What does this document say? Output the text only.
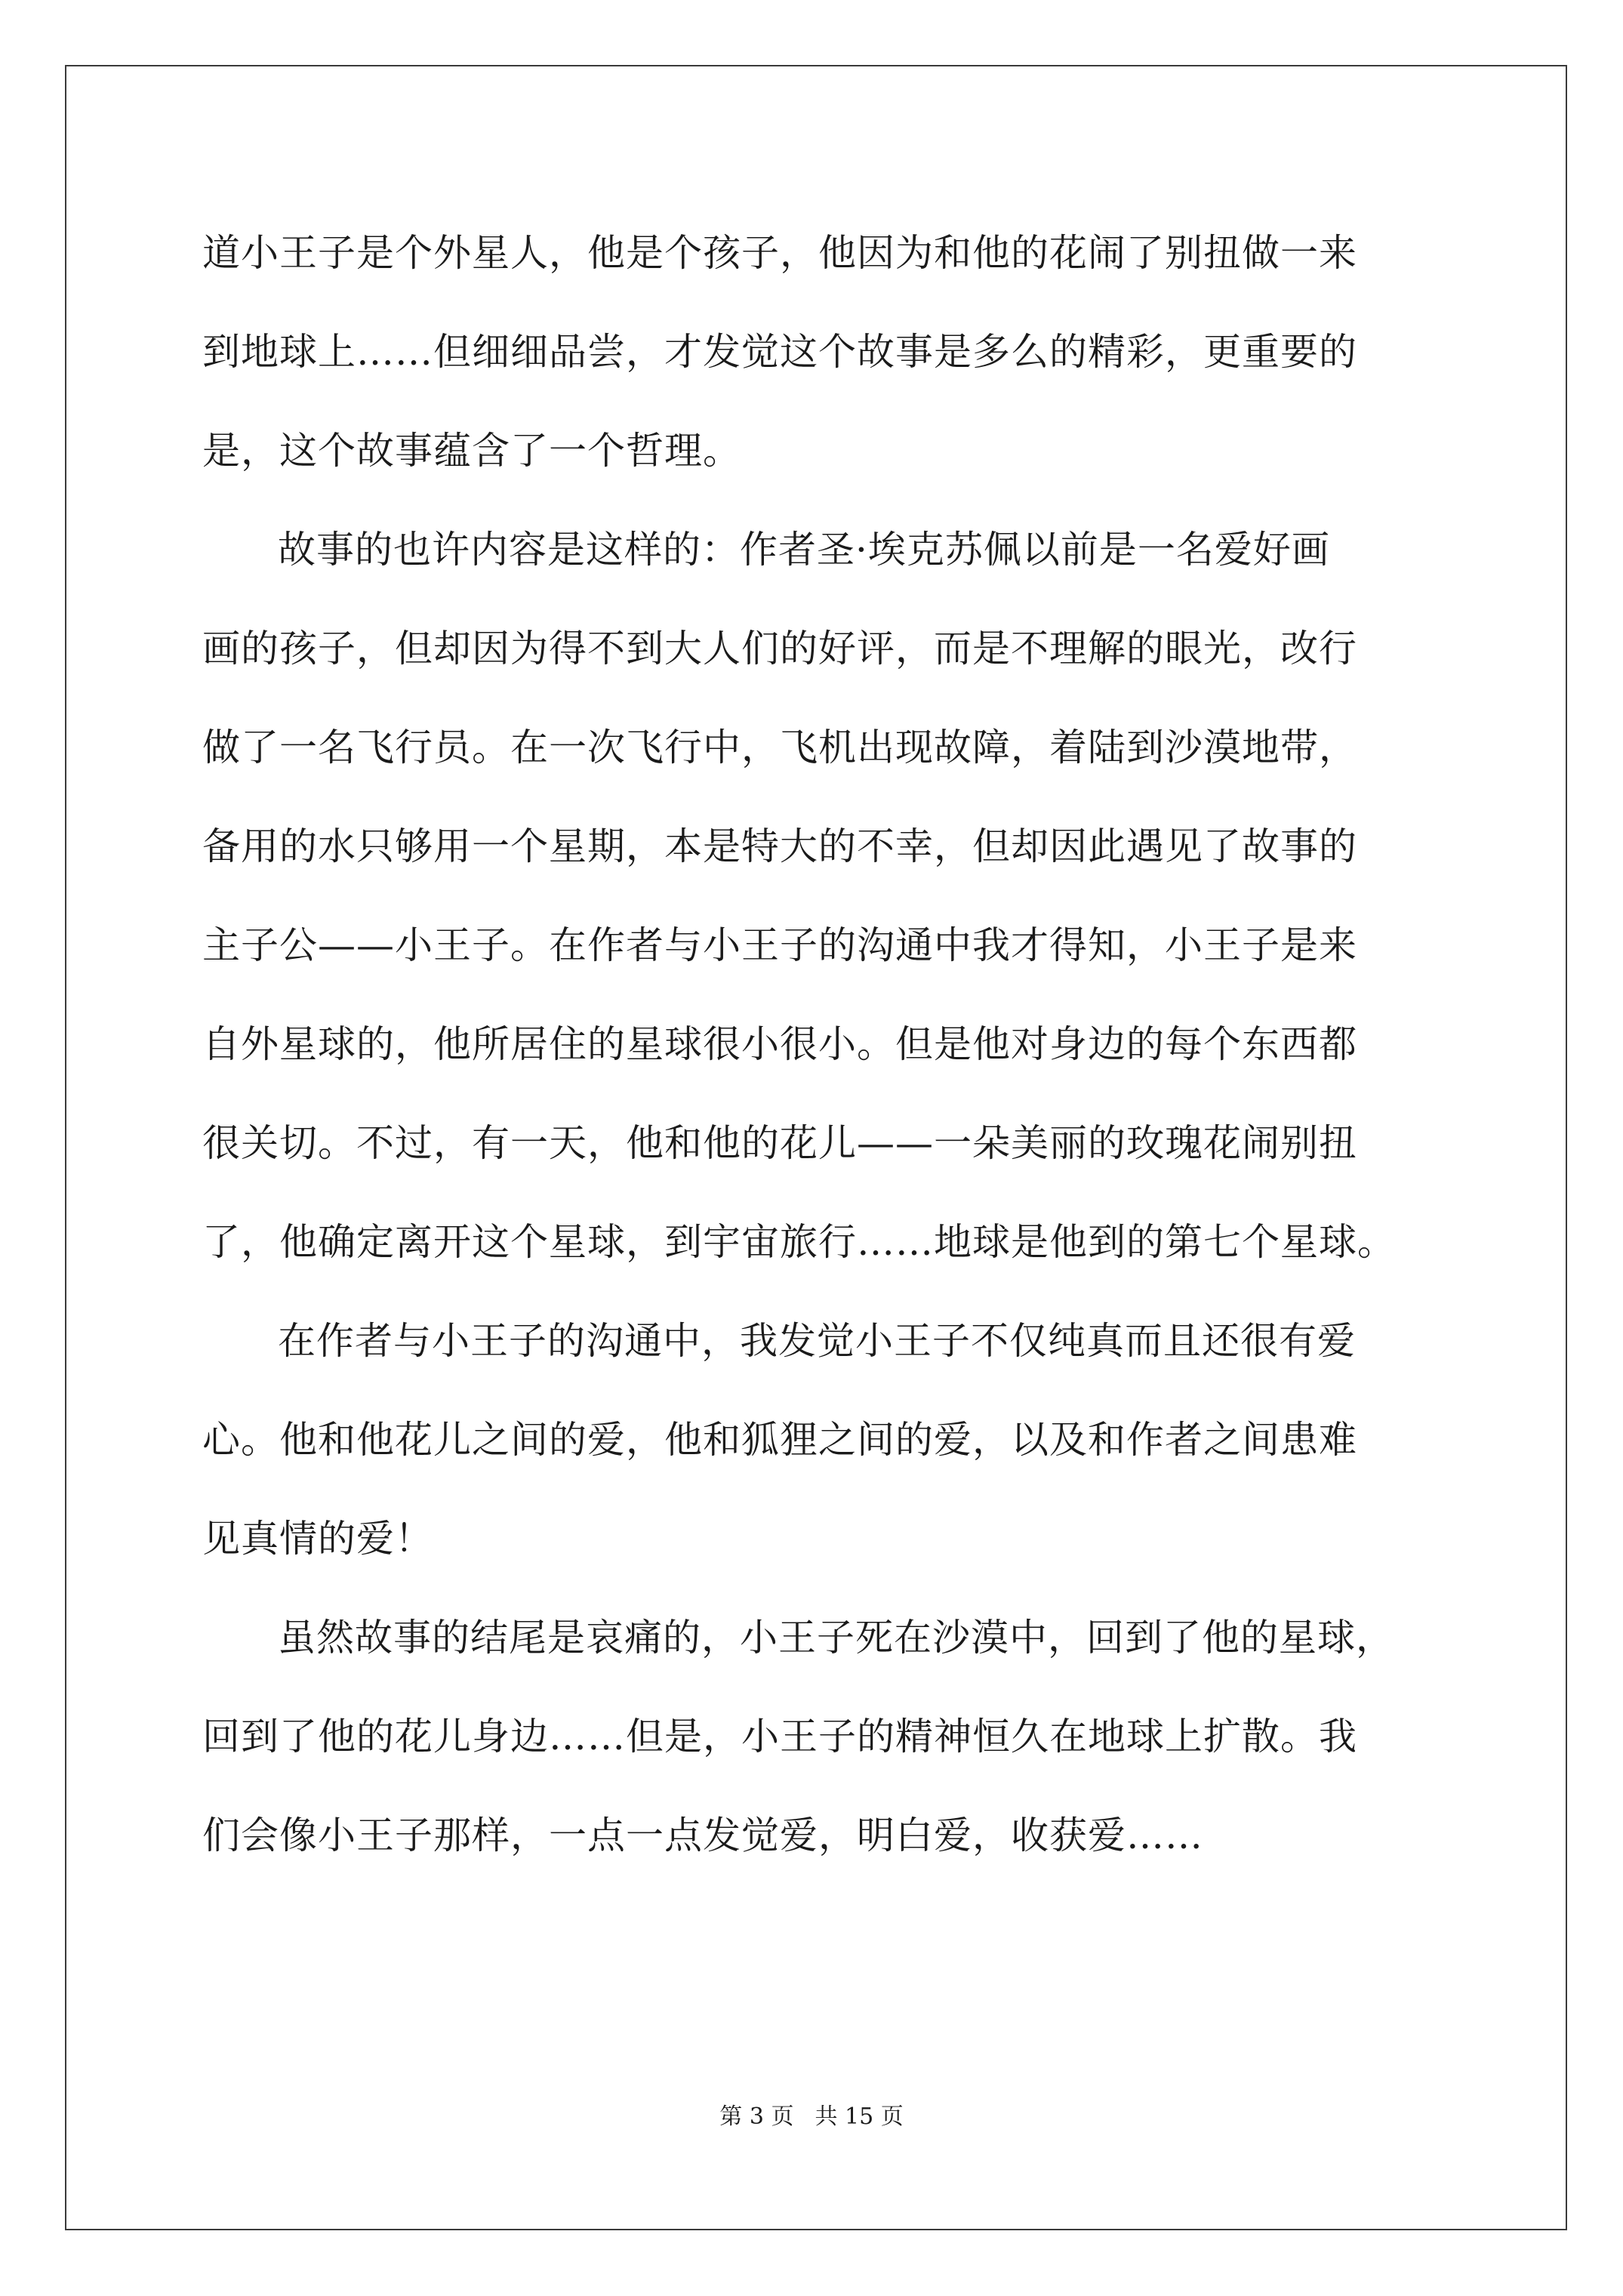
道小王子是个外星人，他是个孩子，他因为和他的花闹了别扭做一来
到地球上……但细细品尝，才发觉这个故事是多么的精彩，更重要的
是，这个故事蕴含了一个哲理。
故事的也许内容是这样的：作者圣·埃克苏佩以前是一名爱好画
画的孩子，但却因为得不到大人们的好评，而是不理解的眼光，改行
做了一名飞行员。在一次飞行中，飞机出现故障，着陆到沙漠地带，
备用的水只够用一个星期，本是特大的不幸，但却因此遇见了故事的
主子公——小王子。在作者与小王子的沟通中我才得知，小王子是来
自外星球的，他所居住的星球很小很小。但是他对身边的每个东西都
很关切。不过，有一天，他和他的花儿——一朵美丽的玫瑰花闹别扭
了，他确定离开这个星球，到宇宙旅行……地球是他到的第七个星球。
在作者与小王子的沟通中，我发觉小王子不仅纯真而且还很有爱
心。他和他花儿之间的爱，他和狐狸之间的爱，以及和作者之间患难
见真情的爱！
虽然故事的结尾是哀痛的，小王子死在沙漠中，回到了他的星球，
回到了他的花儿身边……但是，小王子的精神恒久在地球上扩散。我
们会像小王子那样，一点一点发觉爱，明白爱，收获爱……
第 3 页 共 15 页
